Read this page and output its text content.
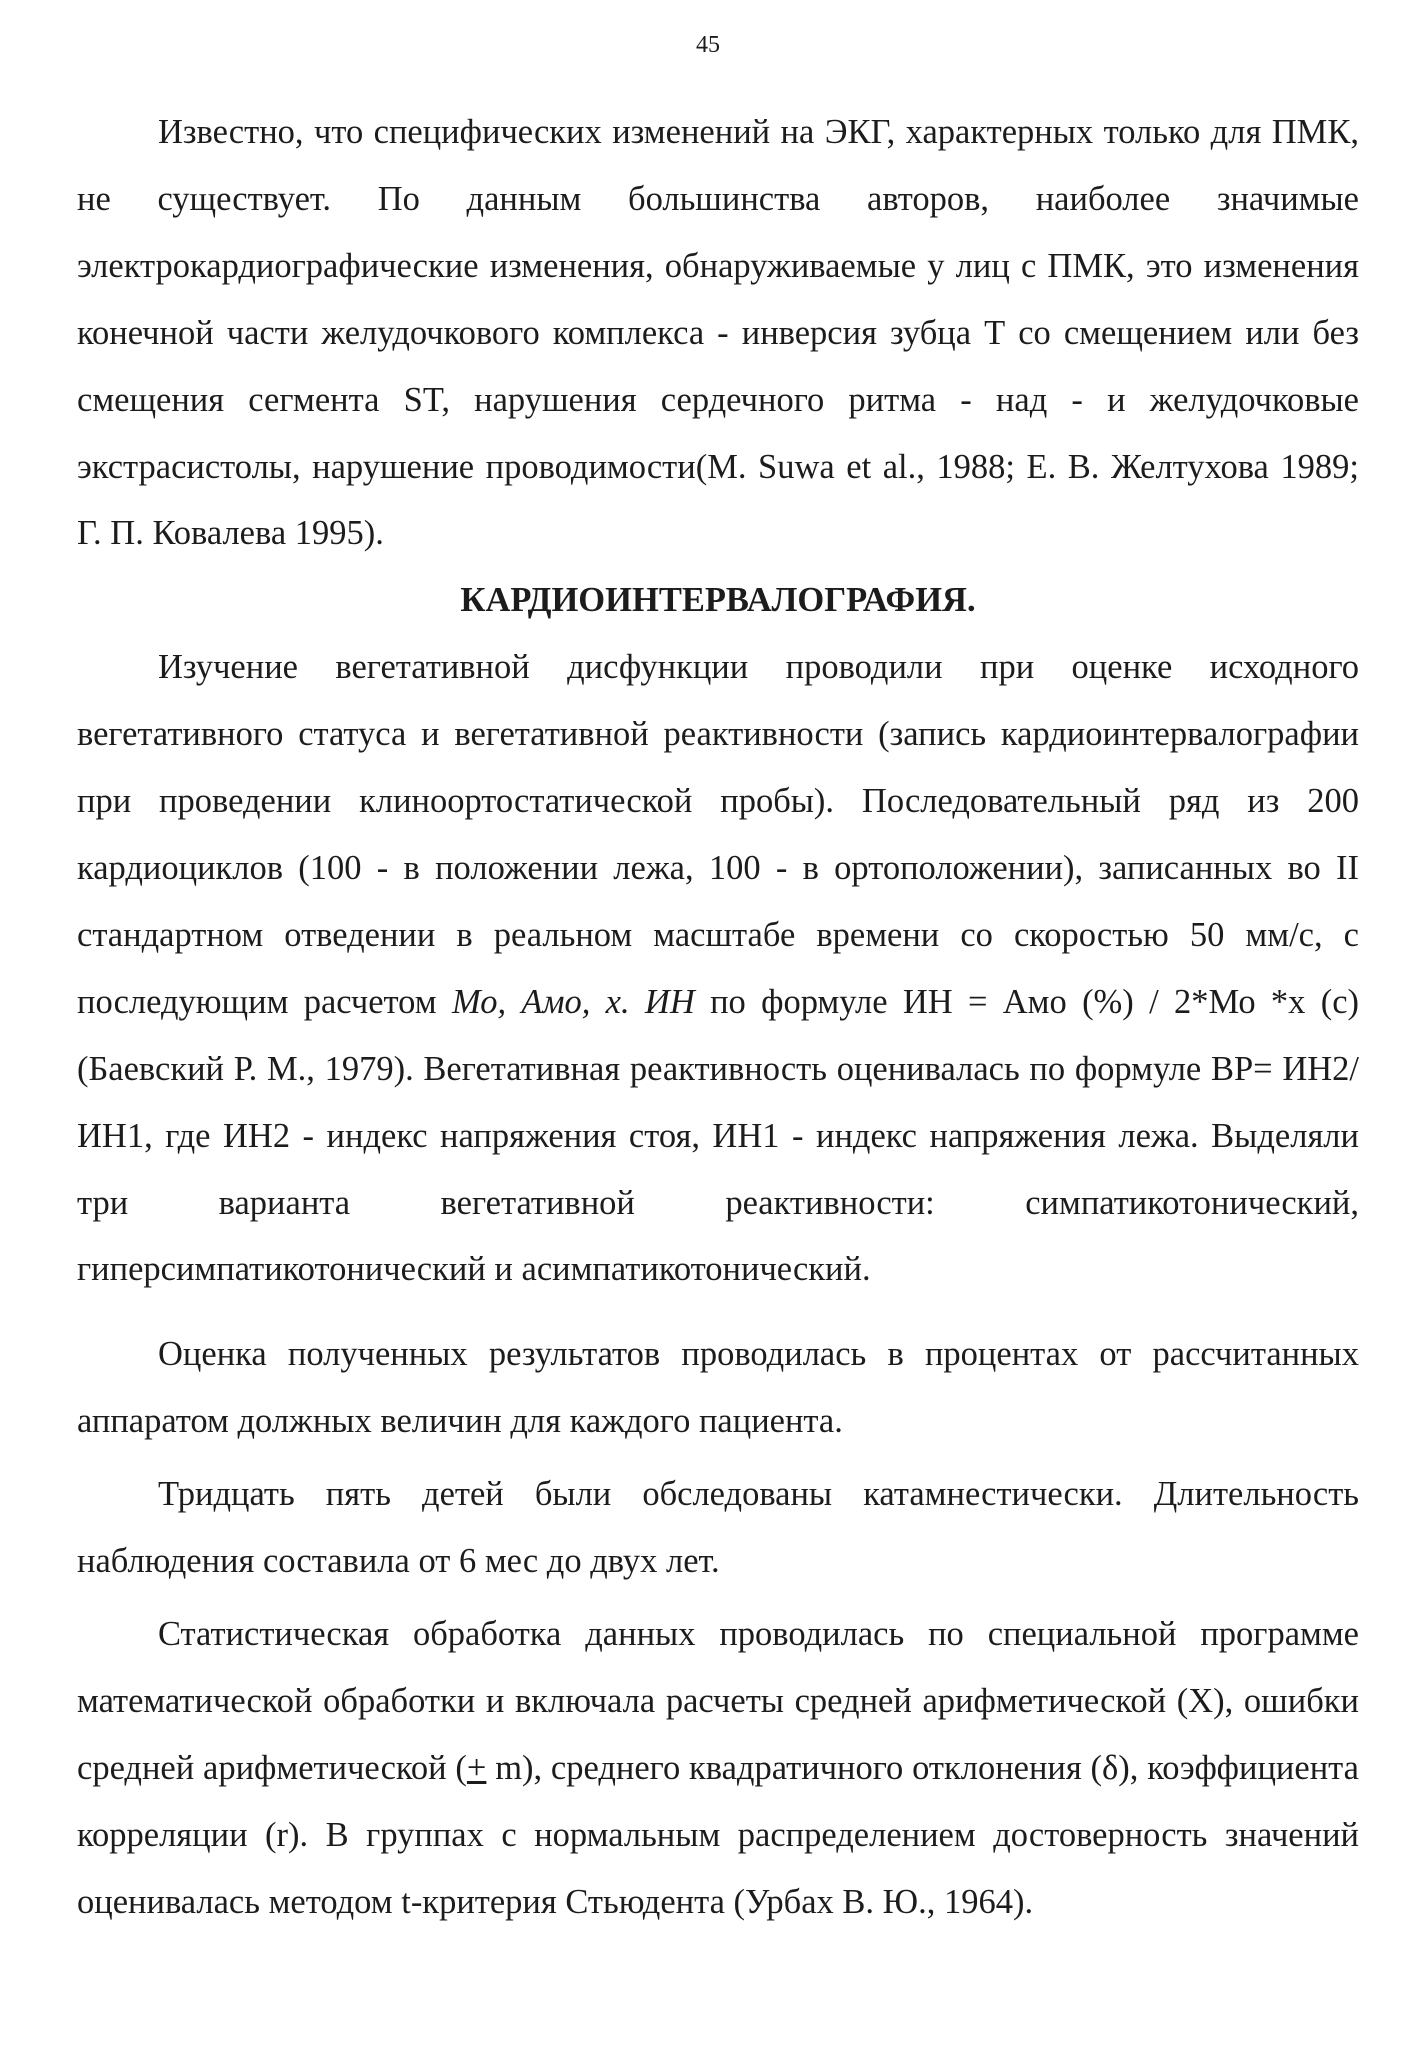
45

Известно, что специфических изменений на ЭКГ, характерных только для ПМК, не существует. По данным большинства авторов, наиболее значимые электрокардиографические изменения, обнаруживаемые у лиц с ПМК, это изменения конечной части желудочкового комплекса - инверсия зубца Т со смещением или без смещения сегмента ST, нарушения сердечного ритма - над - и желудочковые экстрасистолы, нарушение проводимости(M. Suwa et al., 1988; Е. В. Желтухова 1989; Г. П. Ковалева 1995).

КАРДИОИНТЕРВАЛОГРАФИЯ.

Изучение вегетативной дисфункции проводили при оценке исходного вегетативного статуса и вегетативной реактивности (запись кардиоинтервалографии при проведении клиноортостатической пробы). Последовательный ряд из 200 кардиоциклов (100 - в положении лежа, 100 - в ортоположении), записанных во II стандартном отведении в реальном масштабе времени со скоростью 50 мм/с, с последующим расчетом Мо, Амо, x. ИН по формуле ИН = Амо (%) / 2*Мо *x (с) (Баевский Р. М., 1979). Вегетативная реактивность оценивалась по формуле ВР= ИН2/ИН1, где ИН2 - индекс напряжения стоя, ИН1 - индекс напряжения лежа. Выделяли три варианта вегетативной реактивности: симпатикотонический, гиперсимпатикотонический и асимпатикотонический.

Оценка полученных результатов проводилась в процентах от рассчитанных аппаратом должных величин для каждого пациента.

Тридцать пять детей были обследованы катамнестически. Длительность наблюдения составила от 6 мес до двух лет.

Статистическая обработка данных проводилась по специальной программе математической обработки и включала расчеты средней арифметической (X), ошибки средней арифметической (+ m), среднего квадратичного отклонения (δ), коэффициента корреляции (r). В группах с нормальным распределением достоверность значений оценивалась методом t-критерия Стьюдента (Урбах В. Ю., 1964).
